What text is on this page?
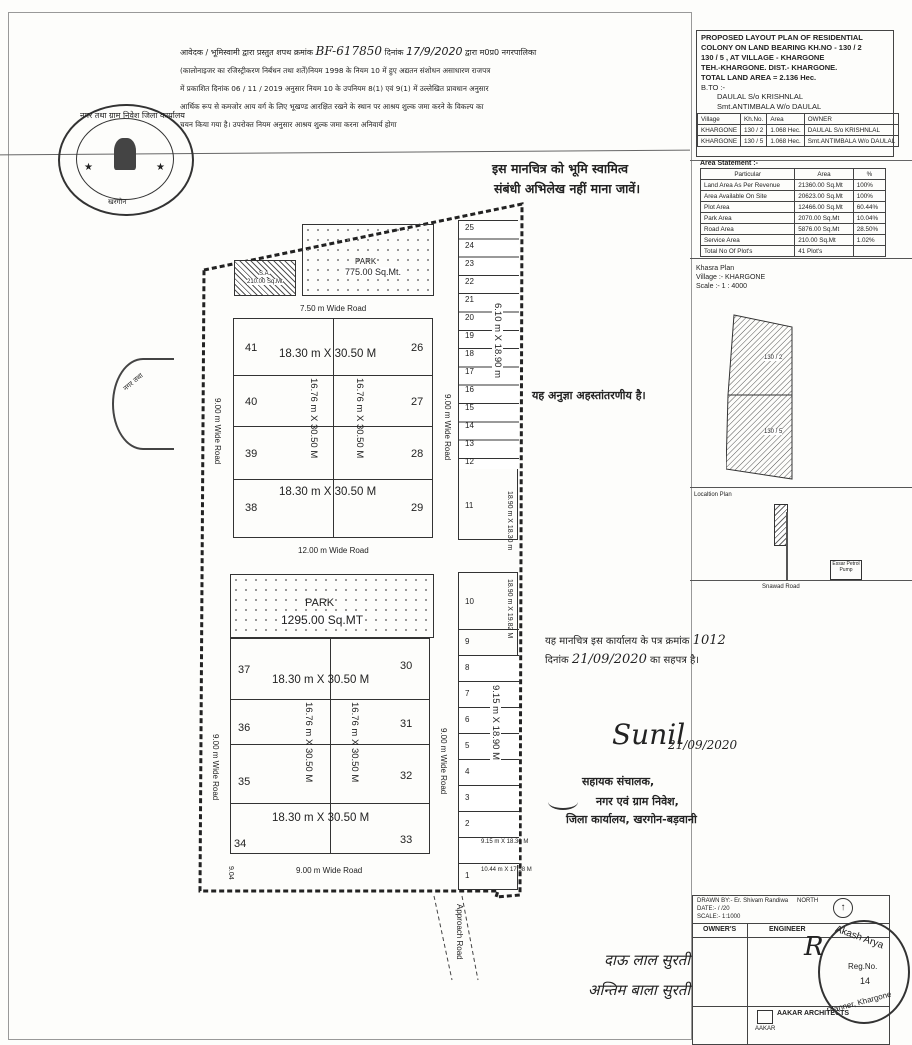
आवेदक / भूमिस्वामी द्वारा प्रस्तुत शपथ क्रमांक BF-617850 दिनांक 17/9/2020 द्वारा म0प्र0 नगरपालिका
(कालोनाइजर का रजिस्ट्रीकरण निर्बंधन तथा शर्तें)नियम 1998 के नियम 10 में हुए अद्यतन संशोधन असाधारण राजपत्र
में प्रकाशित दिनांक 06 / 11 / 2019 अनुसार नियम 10 के उपनियम 8(1) एवं 9(1) में उल्लेखित प्रावधान अनुसार
आर्थिक रूप से कमजोर आय वर्ग के लिए भूखण्ड आरक्षित रखने के स्थान पर आश्रय शुल्क जमा करने के विकल्प का
चयन किया गया है। उपरोक्त नियम अनुसार आश्रय शुल्क जमा करना अनिवार्य होगा
नगर तथा ग्राम निवेश जिला कार्यालय
★	★
खरगोन
नगर तथा
PROPOSED LAYOUT PLAN OF RESIDENTIAL
COLONY ON LAND BEARING KH.NO - 130 / 2
130 / 5 , AT VILLAGE - KHARGONE
TEH.-KHARGONE. DIST.- KHARGONE.
TOTAL LAND AREA = 2.136 Hec.
B.TO :-
DAULAL S/o KRISHNLAL
Smt.ANTIMBALA W/o DAULAL
Village	Kh.No.	Area	OWNER
KHARGONE	130 / 2	1.068 Hec.	DAULAL S/o KRISHNLAL
KHARGONE	130 / 5	1.068 Hec.	Smt.ANTIMBALA W/o DAULAL
Area Statement :-
Particular	Area	%
Land Area As Per Revenue	21360.00 Sq.Mt	100%
Area Available On Site	20623.00 Sq.Mt	100%
Plot Area	12466.00 Sq.Mt	60.44%
Park Area	2070.00 Sq.Mt	10.04%
Road Area	5876.00 Sq.Mt	28.50%
Service Area	210.00 Sq.Mt	1.02%
Total No Of Plot's	41 Plot's	
Khasra Plan
Village :- KHARGONE
Scale :- 1 : 4000
130 / 2
130 / 5
Localtion Plan
Essar Petrol Pump
Snawad Road
इस मानचित्र को भूमि स्वामित्व
संबंधी अभिलेख नहीं माना जावें।
यह अनुज्ञा अहस्तांतरणीय है।
S.A.
210.00 Sq.Mt
PARK
775.00 Sq.Mt.
7.50 m Wide Road
41
40
39
38
26
27
28
29
18.30 m X 30.50 M
18.30 m X 30.50 M
16.76 m X 30.50 M	16.76 m X 30.50 M
9.00 m Wide Road	9.00 m Wide Road
12.00 m Wide Road
25
24
23
22
21
20
19
18
17
16
15
14
13
12
11
6.10 m X 18.90 m
18.90 m X 18.30 m
PARK
1295.00 Sq.MT
37
36
35
34
30
31
32
33
18.30 m X 30.50 M
18.30 m X 30.50 M
16.76 m X 30.50 M	16.76 m X 30.50 M
9.00 m Wide Road	9.00 m Wide Road
9.00 m Wide Road
9.04
Approach Road
10
9
8
7
6
5
4
3
2
1
18.90 m X 19.82 M
9.15 m X 18.90 M
9.15 m X 18.30 M
10.44 m X 17.58 M
यह मानचित्र इस कार्यालय के पत्र क्रमांक 1012
दिनांक 21/09/2020 का सहपत्र है।
Sunil
21/09/2020
सहायक संचालक,
नगर एवं ग्राम निवेश,
जिला कार्यालय, खरगोन-बड़वानी
दाऊ लाल सुरती
अन्तिम बाला सुरती
DRAWN BY:- Er. Shivam Randiwa
DATE:- / /20
SCALE:- 1:1000
NORTH
↑
OWNER'S	ENGINEER
AAKAR
AAKAR ARCHITECTS
Akash Arya
Reg.No.
14
Planner, Khargone
R
